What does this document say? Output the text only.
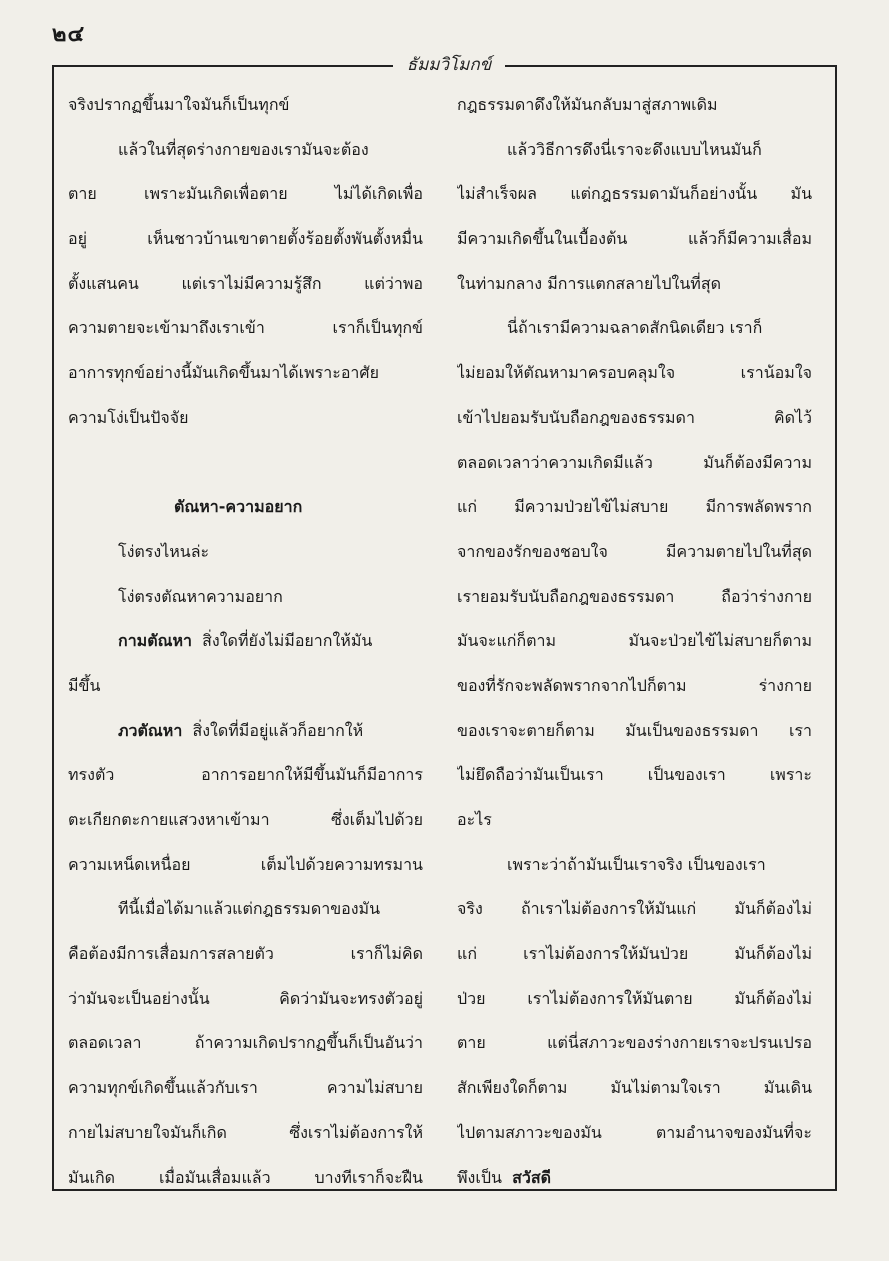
๒๔
ธัมมวิโมกข์
จริงปรากฏขึ้นมาใจมันก็เป็นทุกข์
แล้วในที่สุดร่างกายของเรามันจะต้อง
ตาย เพราะมันเกิดเพื่อตาย ไม่ได้เกิดเพื่อ
อยู่ เห็นชาวบ้านเขาตายตั้งร้อยตั้งพันตั้งหมื่น
ตั้งแสนคน แต่เราไม่มีความรู้สึก แต่ว่าพอ
ความตายจะเข้ามาถึงเราเข้า เราก็เป็นทุกข์
อาการทุกข์อย่างนี้มันเกิดขึ้นมาได้เพราะอาศัย
ความโง่เป็นปัจจัย
ตัณหา-ความอยาก
โง่ตรงไหนล่ะ
โง่ตรงตัณหาความอยาก
กามตัณหา สิ่งใดที่ยังไม่มีอยากให้มัน
มีขึ้น
ภวตัณหา สิ่งใดที่มีอยู่แล้วก็อยากให้
ทรงตัว อาการอยากให้มีขึ้นมันก็มีอาการ
ตะเกียกตะกายแสวงหาเข้ามา ซึ่งเต็มไปด้วย
ความเหน็ดเหนื่อย เต็มไปด้วยความทรมาน
ทีนี้เมื่อได้มาแล้วแต่กฎธรรมดาของมัน
คือต้องมีการเสื่อมการสลายตัว เราก็ไม่คิด
ว่ามันจะเป็นอย่างนั้น คิดว่ามันจะทรงตัวอยู่
ตลอดเวลา ถ้าความเกิดปรากฏขึ้นก็เป็นอันว่า
ความทุกข์เกิดขึ้นแล้วกับเรา ความไม่สบาย
กายไม่สบายใจมันก็เกิด ซึ่งเราไม่ต้องการให้
มันเกิด เมื่อมันเสื่อมแล้ว บางทีเราก็จะฝืน
กฎธรรมดาดึงให้มันกลับมาสู่สภาพเดิม
แล้ววิธีการดึงนี่เราจะดึงแบบไหนมันก็
ไม่สำเร็จผล แต่กฎธรรมดามันก็อย่างนั้น มัน
มีความเกิดขึ้นในเบื้องต้น แล้วก็มีความเสื่อม
ในท่ามกลาง มีการแตกสลายไปในที่สุด
นี่ถ้าเรามีความฉลาดสักนิดเดียว เราก็
ไม่ยอมให้ตัณหามาครอบคลุมใจ เราน้อมใจ
เข้าไปยอมรับนับถือกฎของธรรมดา คิดไว้
ตลอดเวลาว่าความเกิดมีแล้ว มันก็ต้องมีความ
แก่ มีความป่วยไข้ไม่สบาย มีการพลัดพราก
จากของรักของชอบใจ มีความตายไปในที่สุด
เรายอมรับนับถือกฎของธรรมดา ถือว่าร่างกาย
มันจะแก่ก็ตาม มันจะป่วยไข้ไม่สบายก็ตาม
ของที่รักจะพลัดพรากจากไปก็ตาม ร่างกาย
ของเราจะตายก็ตาม มันเป็นของธรรมดา เรา
ไม่ยึดถือว่ามันเป็นเรา เป็นของเรา เพราะ
อะไร
เพราะว่าถ้ามันเป็นเราจริง เป็นของเรา
จริง ถ้าเราไม่ต้องการให้มันแก่ มันก็ต้องไม่
แก่ เราไม่ต้องการให้มันป่วย มันก็ต้องไม่
ป่วย เราไม่ต้องการให้มันตาย มันก็ต้องไม่
ตาย แต่นี่สภาวะของร่างกายเราจะปรนเปรอ
สักเพียงใดก็ตาม มันไม่ตามใจเรา มันเดิน
ไปตามสภาวะของมัน ตามอำนาจของมันที่จะ
พึงเป็น สวัสดี
